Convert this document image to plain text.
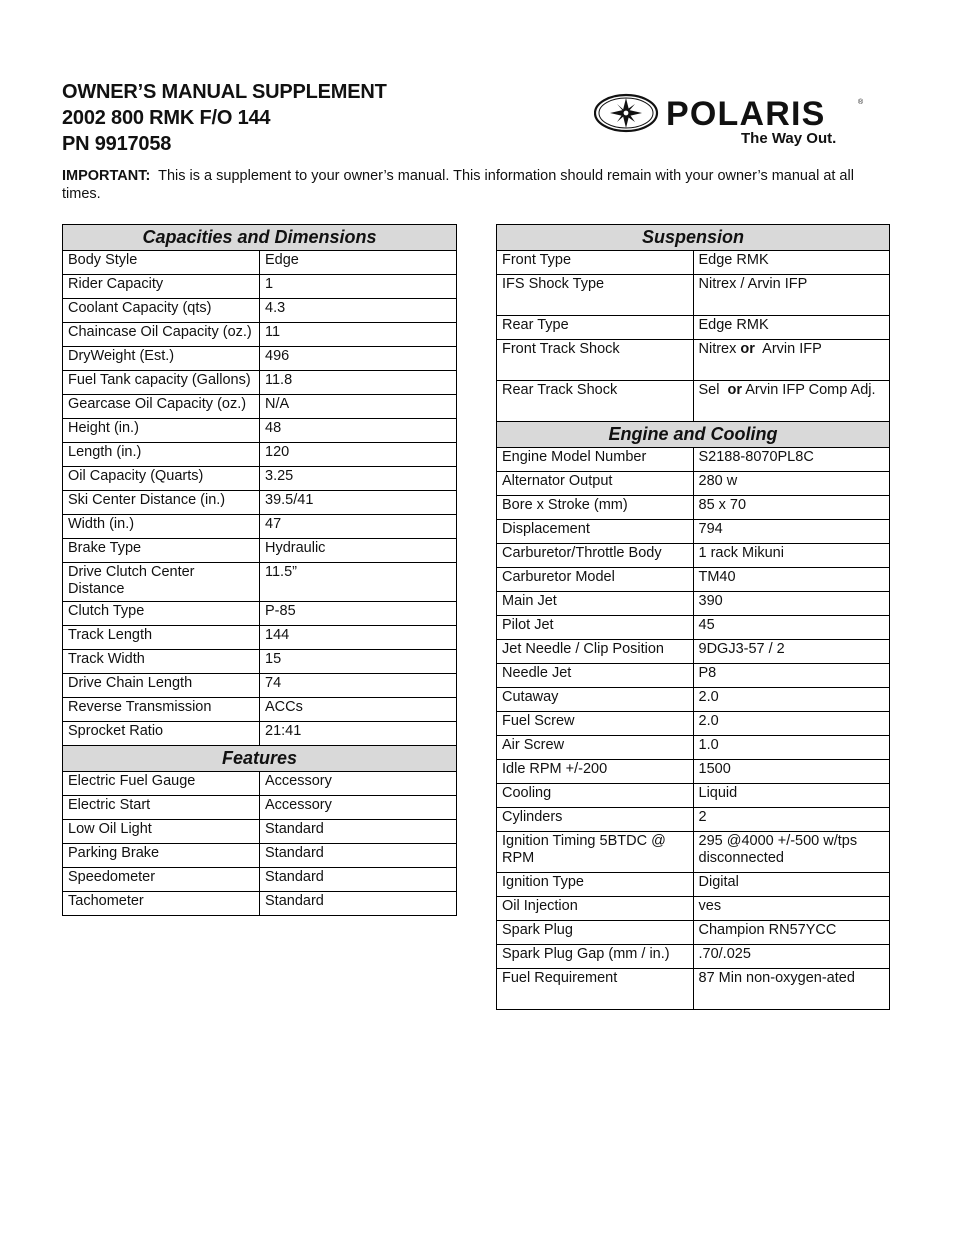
OWNER’S MANUAL SUPPLEMENT
2002 800 RMK F/O 144
PN 9917058
POLARIS	®
The Way Out.
IMPORTANT: This is a supplement to your owner’s manual. This information should remain with your owner’s manual at all times.
Capacities and Dimensions	
Body Style	Edge
Rider Capacity	1
Coolant Capacity (qts)	4.3
Chaincase Oil Capacity (oz.)	11
DryWeight (Est.)	496
Fuel Tank capacity (Gallons)	11.8
Gearcase Oil Capacity (oz.)	N/A
Height (in.)	48
Length (in.)	120
Oil Capacity (Quarts)	3.25
Ski Center Distance (in.)	39.5/41
Width (in.)	47
Brake Type	Hydraulic
Drive Clutch Center Distance	11.5”
Clutch Type	P-85
Track Length	144
Track Width	15
Drive Chain Length	74
Reverse Transmission	ACCs
Sprocket Ratio	21:41
Features	
Electric Fuel Gauge	Accessory
Electric Start	Accessory
Low Oil Light	Standard
Parking Brake	Standard
Speedometer	Standard
Tachometer	Standard
Suspension	
Front Type	Edge RMK
IFS Shock Type	Nitrex / Arvin IFP
Rear Type	Edge RMK
Front Track Shock	Nitrex or  Arvin IFP
Rear Track Shock	Sel  or Arvin IFP Comp Adj.
Engine and Cooling	
Engine Model Number	S2188-8070PL8C
Alternator Output	280 w
Bore x Stroke (mm)	85 x 70
Displacement	794
Carburetor/Throttle Body	1 rack Mikuni
Carburetor Model	TM40
Main Jet	390
Pilot Jet	45
Jet Needle / Clip Position	9DGJ3-57 / 2
Needle Jet	P8
Cutaway	2.0
Fuel Screw	2.0
Air Screw	1.0
Idle RPM +/-200	1500
Cooling	Liquid
Cylinders	2
Ignition Timing 5BTDC @ RPM	295 @4000 +/-500 w/tps disconnected
Ignition Type	Digital
Oil Injection	ves
Spark Plug	Champion RN57YCC
Spark Plug Gap (mm / in.)	.70/.025
Fuel Requirement	87 Min non-oxygen-ated
